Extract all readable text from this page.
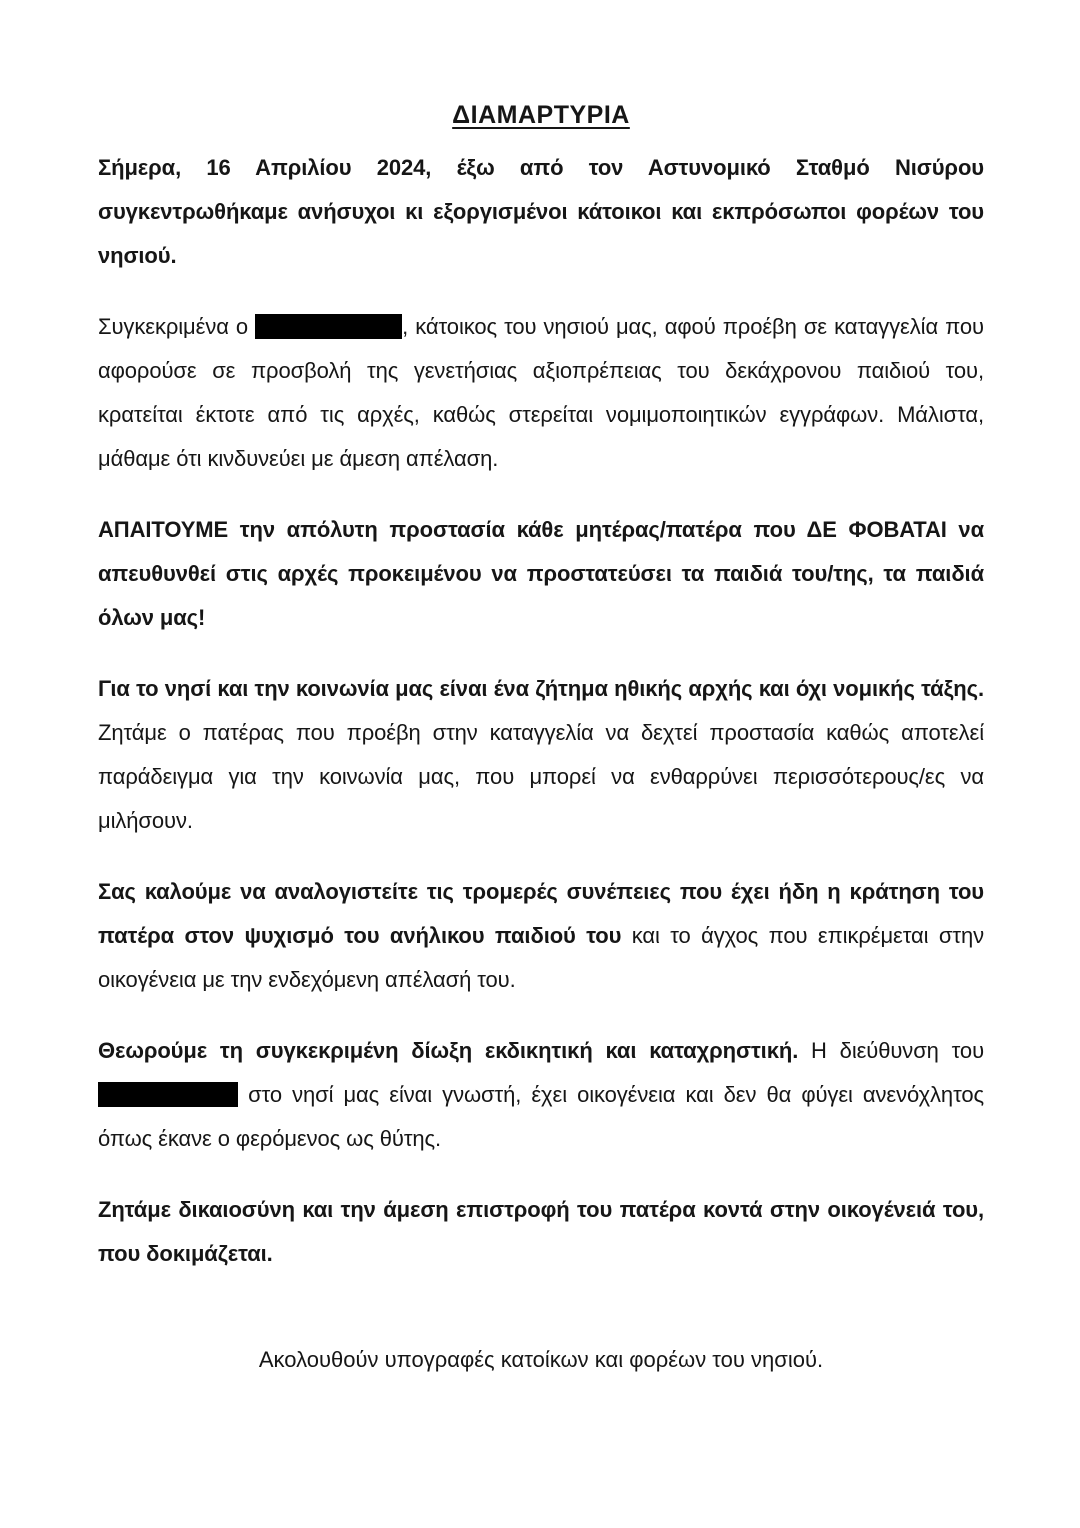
ΔΙΑΜΑΡΤΥΡΙΑ

Σήμερα, 16 Απριλίου 2024, έξω από τον Αστυνομικό Σταθμό Νισύρου συγκεντρωθήκαμε ανήσυχοι κι εξοργισμένοι κάτοικοι και εκπρόσωποι φορέων του νησιού.

Συγκεκριμένα ο	, κάτοικος του νησιού μας, αφού προέβη σε καταγγελία που αφορούσε σε προσβολή της γενετήσιας αξιοπρέπειας του δεκάχρονου παιδιού του, κρατείται έκτοτε από τις αρχές, καθώς στερείται νομιμοποιητικών εγγράφων. Μάλιστα, μάθαμε ότι κινδυνεύει με άμεση απέλαση.

ΑΠΑΙΤΟΥΜΕ την απόλυτη προστασία κάθε μητέρας/πατέρα που ΔΕ ΦΟΒΑΤΑΙ να απευθυνθεί στις αρχές προκειμένου να προστατεύσει τα παιδιά του/της, τα παιδιά όλων μας!

Για το νησί και την κοινωνία μας είναι ένα ζήτημα ηθικής αρχής και όχι νομικής τάξης. Ζητάμε ο πατέρας που προέβη στην καταγγελία να δεχτεί προστασία καθώς αποτελεί παράδειγμα για την κοινωνία μας, που μπορεί να ενθαρρύνει περισσότερους/ες να μιλήσουν.

Σας καλούμε να αναλογιστείτε τις τρομερές συνέπειες που έχει ήδη η κράτηση του πατέρα στον ψυχισμό του ανήλικου παιδιού του και το άγχος που επικρέμεται στην οικογένεια με την ενδεχόμενη απέλασή του.

Θεωρούμε τη συγκεκριμένη δίωξη εκδικητική και καταχρηστική. Η διεύθυνση του  στο νησί μας είναι γνωστή, έχει οικογένεια και δεν θα φύγει ανενόχλητος όπως έκανε ο φερόμενος ως θύτης.

Ζητάμε δικαιοσύνη και την άμεση επιστροφή του πατέρα κοντά στην οικογένειά του, που δοκιμάζεται.

Ακολουθούν υπογραφές κατοίκων και φορέων του νησιού.
